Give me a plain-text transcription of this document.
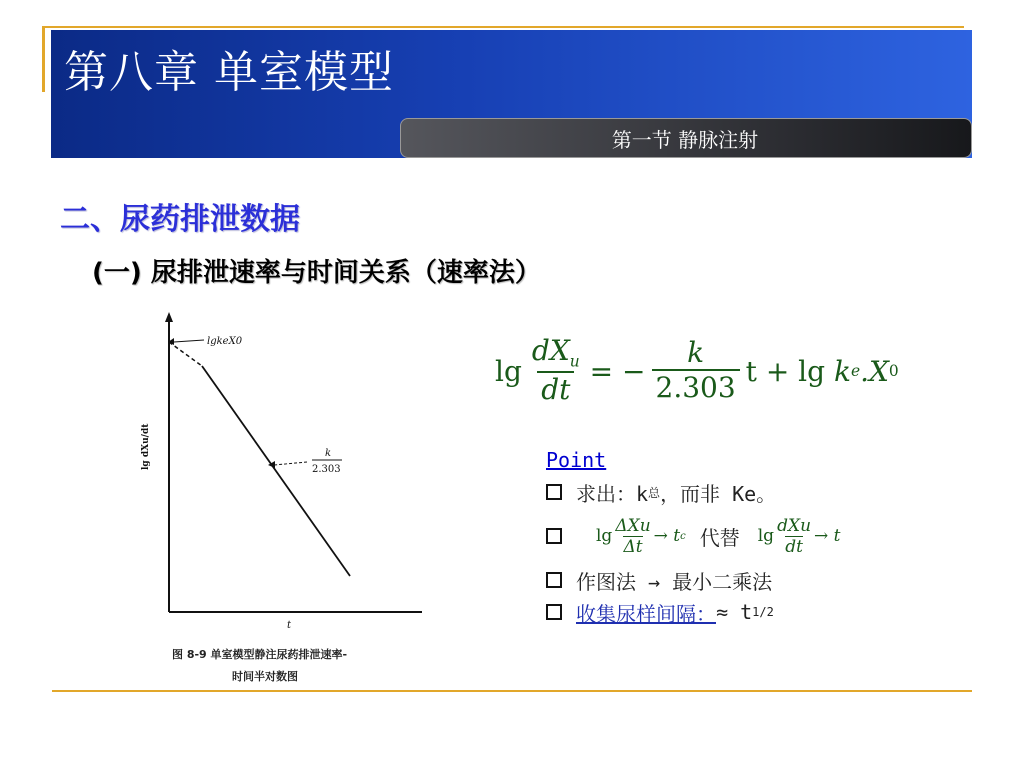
第八章 单室模型
第一节 静脉注射
二、尿药排泄数据
(一) 尿排泄速率与时间关系（速率法）
lgkeX0
k
2.303
lg dXu/dt
t
图 8-9 单室模型静注尿药排泄速率-
时间半对数图
$\lg \frac{dX_u}{dt}$ = − $\frac{k}{2.303}$ t + lg
k e .X 0
Point
求出：k 总 ，而非 Ke。
lg
ΔXu
Δt
→ t c 代替 lg
dXu
dt
→ t
作图法 → 最小二乘法
收集尿样间隔： ≈ t 1/2
